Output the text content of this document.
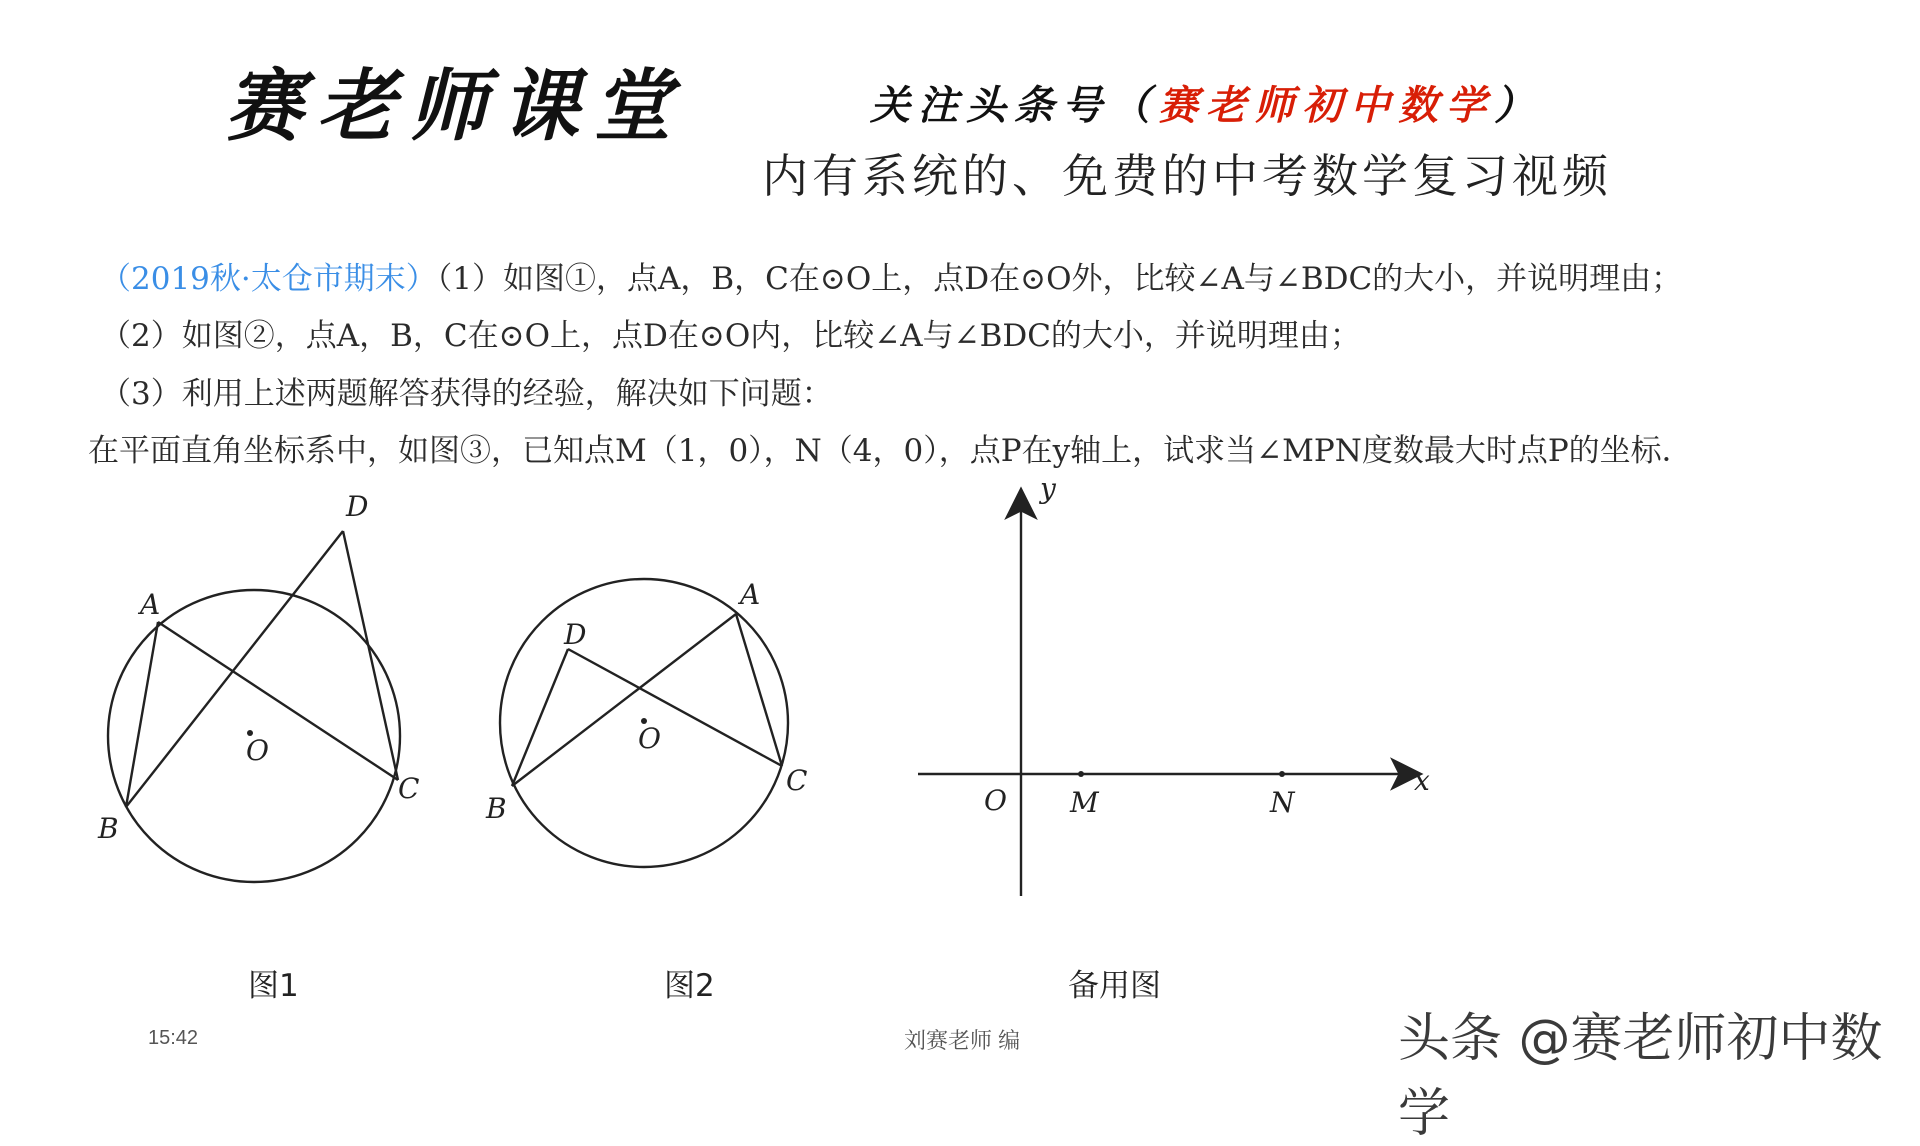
赛老师课堂	关注头条号（赛老师初中数学）
内有系统的、免费的中考数学复习视频
（2019秋·太仓市期末）（1）如图①，点A，B，C在⊙O上，点D在⊙O外，比较∠A与∠BDC的大小，并说明理由；
（2）如图②，点A，B，C在⊙O上，点D在⊙O内，比较∠A与∠BDC的大小，并说明理由；
（3）利用上述两题解答获得的经验，解决如下问题：
在平面直角坐标系中，如图③，已知点M（1，0），N（4，0），点P在y轴上，试求当∠MPN度数最大时点P的坐标．
A
B
C
D
O
A
B
C
D
O
y
x
O M	N
图1	图2	备用图
15:42	刘赛老师 编	头条 @赛老师初中数学
